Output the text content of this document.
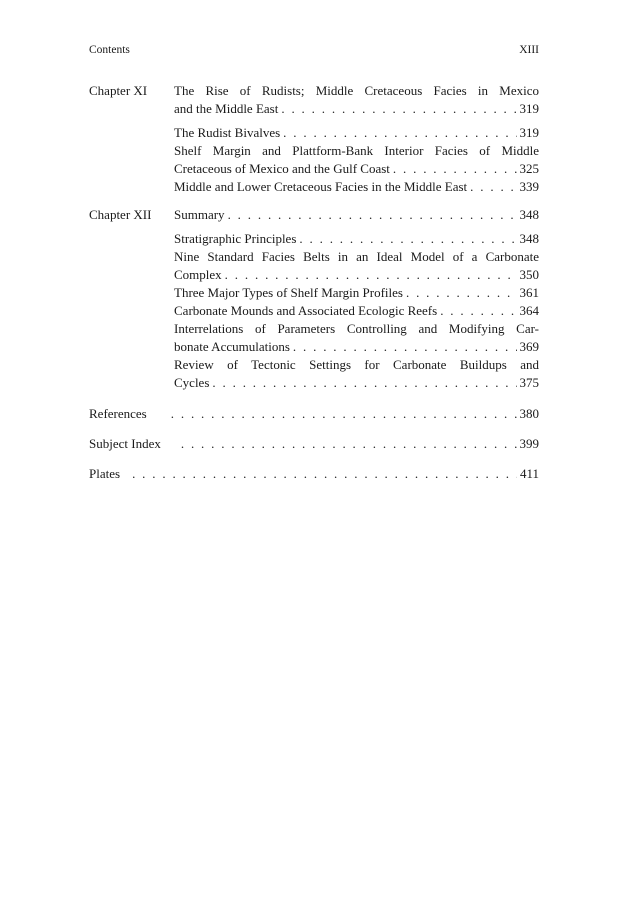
Contents	XIII
Chapter XI The Rise of Rudists; Middle Cretaceous Facies in Mexico
and the Middle East . . .	319
The Rudist Bivalves . . .	319
Shelf Margin and Plattform-Bank Interior Facies of Middle
Cretaceous of Mexico and the Gulf Coast . . .	325
Middle and Lower Cretaceous Facies in the Middle East . . .	339
Chapter XII Summary . . .	348
Stratigraphic Principles . . .	348
Nine Standard Facies Belts in an Ideal Model of a Carbonate
Complex . . .	350
Three Major Types of Shelf Margin Profiles . . .	361
Carbonate Mounds and Associated Ecologic Reefs . . .	364
Interrelations of Parameters Controlling and Modifying Car-
bonate Accumulations . . .	369
Review of Tectonic Settings for Carbonate Buildups and
Cycles . . .	375
References . . .	380
Subject Index . . .	399
Plates . . .	411
